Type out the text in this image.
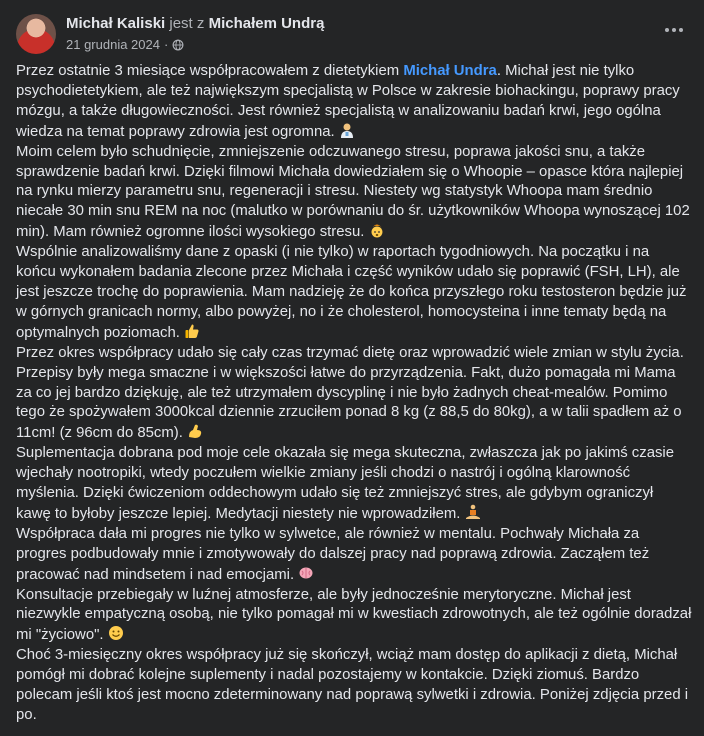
Michał Kaliski jest z Michałem Undrą
21 grudnia 2024 ·

Przez ostatnie 3 miesiące współpracowałem z dietetykiem Michał Undra. Michał jest nie tylko psychodietetykiem, ale też największym specjalistą w Polsce w zakresie biohackingu, poprawy pracy mózgu, a także długowieczności. Jest również specjalistą w analizowaniu badań krwi, jego ogólna wiedza na temat poprawy zdrowia jest ogromna.

Moim celem było schudnięcie, zmniejszenie odczuwanego stresu, poprawa jakości snu, a także sprawdzenie badań krwi. Dzięki filmowi Michała dowiedziałem się o Whoopie – opasce która najlepiej na rynku mierzy parametru snu, regeneracji i stresu. Niestety wg statystyk Whoopa mam średnio niecałe 30 min snu REM na noc (malutko w porównaniu do śr. użytkowników Whoopa wynoszącej 102 min). Mam również ogromne ilości wysokiego stresu.

Wspólnie analizowaliśmy dane z opaski (i nie tylko) w raportach tygodniowych. Na początku i na końcu wykonałem badania zlecone przez Michała i część wyników udało się poprawić (FSH, LH), ale jest jeszcze trochę do poprawienia. Mam nadzieję że do końca przyszłego roku testosteron będzie już w górnych granicach normy, albo powyżej, no i że cholesterol, homocysteina i inne tematy będą na optymalnych poziomach.

Przez okres współpracy udało się cały czas trzymać dietę oraz wprowadzić wiele zmian w stylu życia. Przepisy były mega smaczne i w większości łatwe do przyrządzenia. Fakt, dużo pomagała mi Mama za co jej bardzo dziękuję, ale też utrzymałem dyscyplinę i nie było żadnych cheat-mealów. Pomimo tego że spożywałem 3000kcal dziennie zrzuciłem ponad 8 kg (z 88,5 do 80kg), a w talii spadłem aż o 11cm! (z 96cm do 85cm).

Suplementacja dobrana pod moje cele okazała się mega skuteczna, zwłaszcza jak po jakimś czasie wjechały nootropiki, wtedy poczułem wielkie zmiany jeśli chodzi o nastrój i ogólną klarowność myślenia. Dzięki ćwiczeniom oddechowym udało się też zmniejszyć stres, ale gdybym ograniczył kawę to byłoby jeszcze lepiej. Medytacji niestety nie wprowadziłem.

Współpraca dała mi progres nie tylko w sylwetce, ale również w mentalu. Pochwały Michała za progres podbudowały mnie i zmotywowały do dalszej pracy nad poprawą zdrowia. Zacząłem też pracować nad mindsetem i nad emocjami.

Konsultacje przebiegały w luźnej atmosferze, ale były jednocześnie merytoryczne. Michał jest niezwykle empatyczną osobą, nie tylko pomagał mi w kwestiach zdrowotnych, ale też ogólnie doradzał mi "życiowo".

Choć 3-miesięczny okres współpracy już się skończył, wciąż mam dostęp do aplikacji z dietą, Michał pomógł mi dobrać kolejne suplementy i nadal pozostajemy w kontakcie. Dzięki ziomuś. Bardzo polecam jeśli ktoś jest mocno zdeterminowany nad poprawą sylwetki i zdrowia. Poniżej zdjęcia przed i po.
